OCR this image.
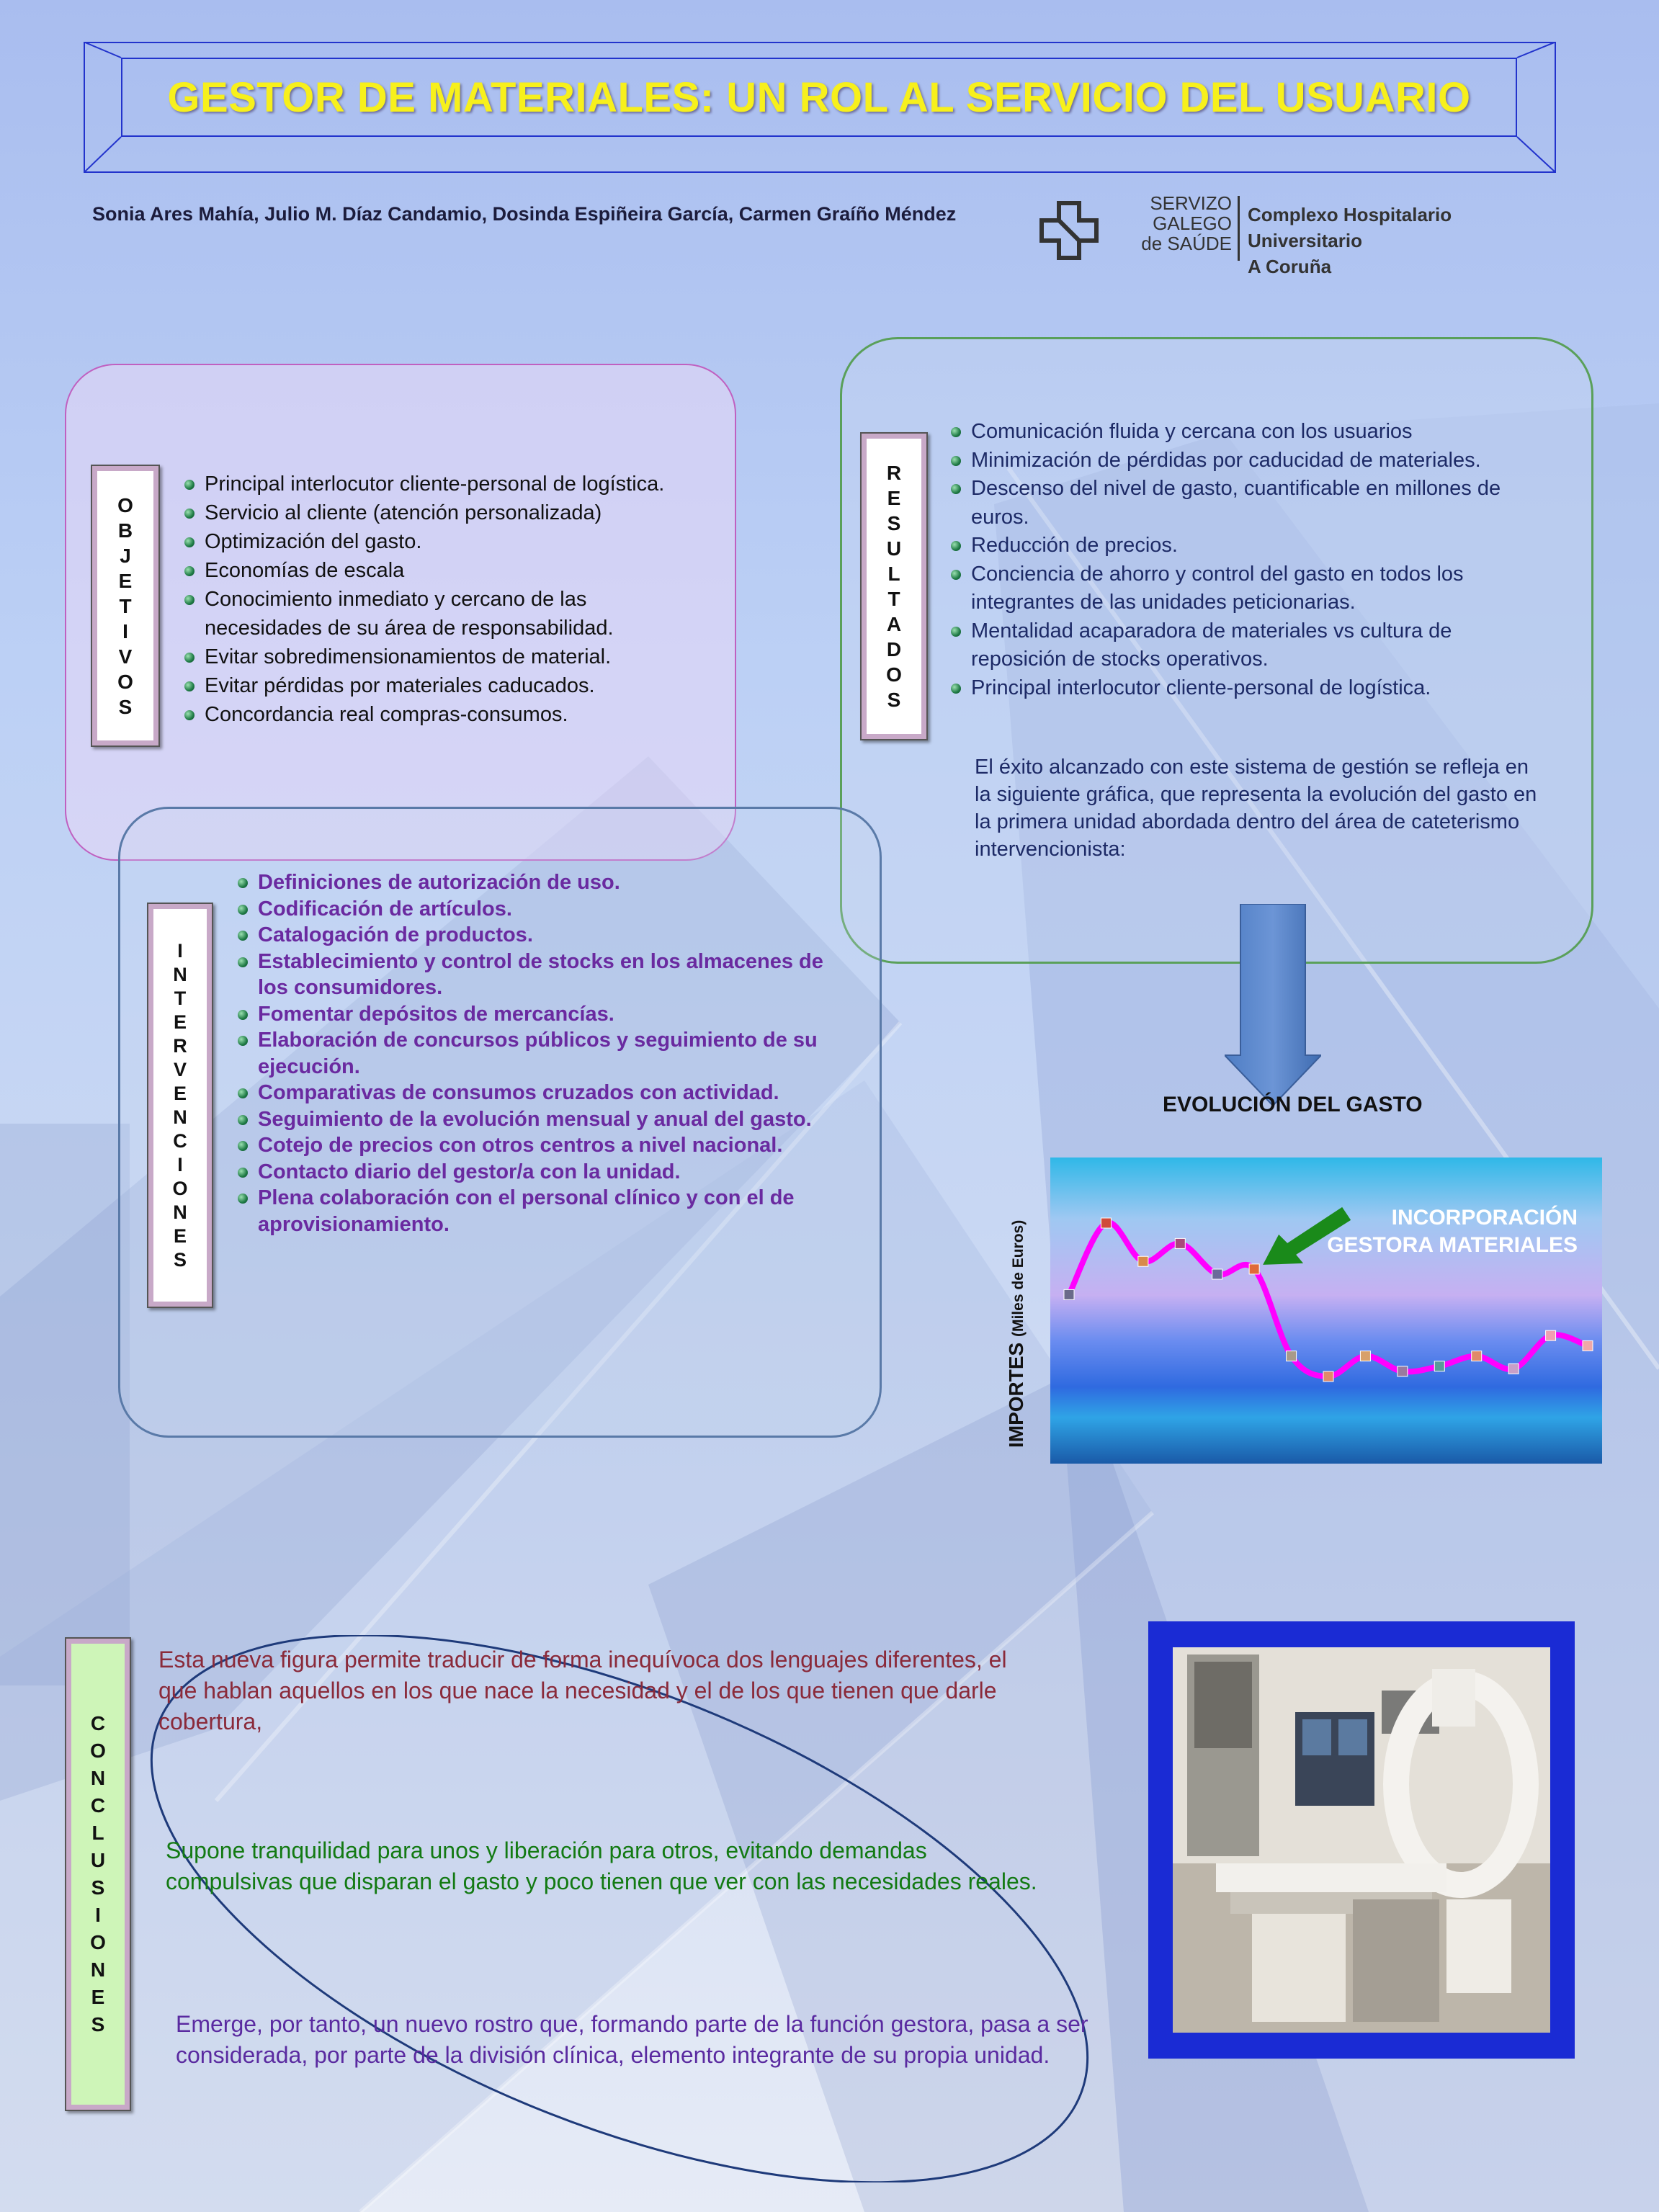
GESTOR DE MATERIALES: UN ROL AL SERVICIO DEL USUARIO
Sonia Ares Mahía, Julio M. Díaz Candamio, Dosinda Espiñeira García, Carmen Graíño Méndez	SERVIZO
GALEGO
de SAÚDE
Complexo Hospitalario Universitario
A Coruña
O
B
J
E
T
I
V
O
S
Principal interlocutor cliente-personal de logística.
Servicio al cliente (atención personalizada)
Optimización del gasto.
Economías de escala
Conocimiento inmediato y cercano de las necesidades de su área de responsabilidad.
Evitar sobredimensionamientos de material.
Evitar pérdidas por materiales caducados.
Concordancia real compras-consumos.
R
E
S
U
L
T
A
D
O
S
Comunicación fluida y cercana con los usuarios
Minimización de pérdidas por caducidad de materiales.
Descenso del nivel de gasto, cuantificable en millones de euros.
Reducción de precios.
Conciencia de ahorro y control del gasto en todos los integrantes de las unidades peticionarias.
Mentalidad acaparadora de materiales vs cultura de reposición de stocks operativos.
Principal interlocutor cliente-personal de logística.
El éxito alcanzado con este sistema de gestión se refleja en la siguiente gráfica, que representa la evolución del gasto en la primera unidad abordada dentro del área de cateterismo intervencionista:
I
N
T
E
R
V
E
N
C
I
O
N
E
S
Definiciones de autorización de uso.
Codificación de artículos.
Catalogación de productos.
Establecimiento y control de stocks en los almacenes de los consumidores.
Fomentar depósitos de mercancías.
Elaboración de concursos públicos y seguimiento de su ejecución.
Comparativas de consumos cruzados con actividad.
Seguimiento de la evolución mensual y anual del gasto.
Cotejo de precios con otros centros a nivel nacional.
Contacto diario del gestor/a con la unidad.
Plena colaboración con el personal clínico y con el de aprovisionamiento.
EVOLUCIÓN DEL GASTO
IMPORTES (Miles de Euros)
INCORPORACIÓN
GESTORA MATERIALES
C
O
N
C
L
U
S
I
O
N
E
S
Esta nueva figura permite traducir de forma inequívoca dos lenguajes diferentes, el que hablan aquellos en los que nace la necesidad y el de los que tienen que darle cobertura,
Supone tranquilidad para unos y liberación para otros, evitando demandas compulsivas que disparan el gasto y poco tienen que ver con las necesidades reales.
Emerge, por tanto, un nuevo rostro que, formando parte de la función gestora, pasa a ser considerada, por parte de la división clínica, elemento integrante de su propia unidad.
